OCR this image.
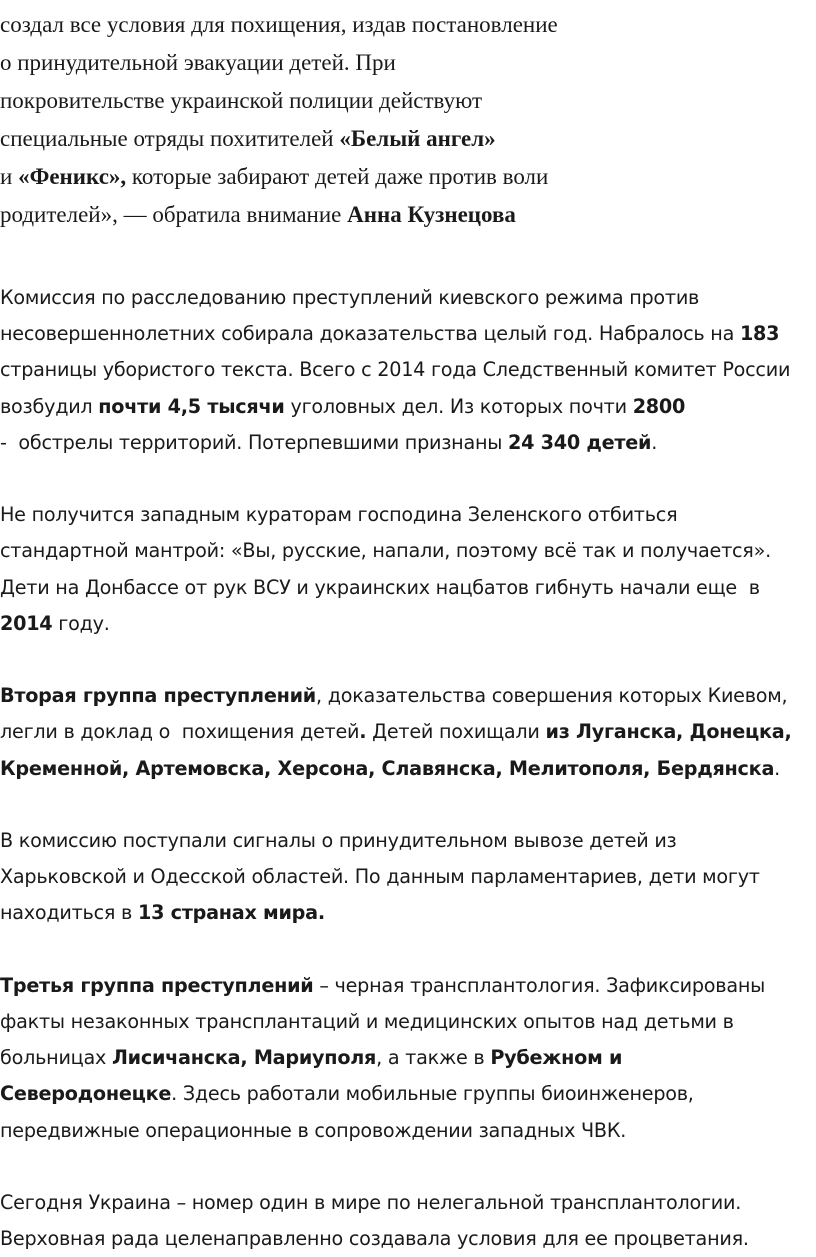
создал все условия для похищения, издав постановление
о принудительной эвакуации детей. При
покровительстве украинской полиции действуют
специальные отряды похитителей «Белый ангел»
и «Феникс», которые забирают детей даже против воли
родителей», — обратила внимание Анна Кузнецова
Комиссия по расследованию преступлений киевского режима против
несовершеннолетних собирала доказательства целый год. Набралось на 183
страницы убористого текста. Всего с 2014 года Следственный комитет России
возбудил почти 4,5 тысячи уголовных дел. Из которых почти 2800
-  обстрелы территорий. Потерпевшими признаны 24 340 детей.
Не получится западным кураторам господина Зеленского отбиться
стандартной мантрой: «Вы, русские, напали, поэтому всё так и получается».
Дети на Донбассе от рук ВСУ и украинских нацбатов гибнуть начали еще  в
2014 году.
Вторая группа преступлений, доказательства совершения которых Киевом,
легли в доклад о  похищения детей. Детей похищали из Луганска, Донецка,
Кременной, Артемовска, Херсона, Славянска, Мелитополя, Бердянска.
В комиссию поступали сигналы о принудительном вывозе детей из
Харьковской и Одесской областей. По данным парламентариев, дети могут
находиться в 13 странах мира.
Третья группа преступлений – черная трансплантология. Зафиксированы
факты незаконных трансплантаций и медицинских опытов над детьми в
больницах Лисичанска, Мариуполя, а также в Рубежном и
Северодонецке. Здесь работали мобильные группы биоинженеров,
передвижные операционные в сопровождении западных ЧВК.
Сегодня Украина – номер один в мире по нелегальной трансплантологии.
Верховная рада целенаправленно создавала условия для ее процветания.
